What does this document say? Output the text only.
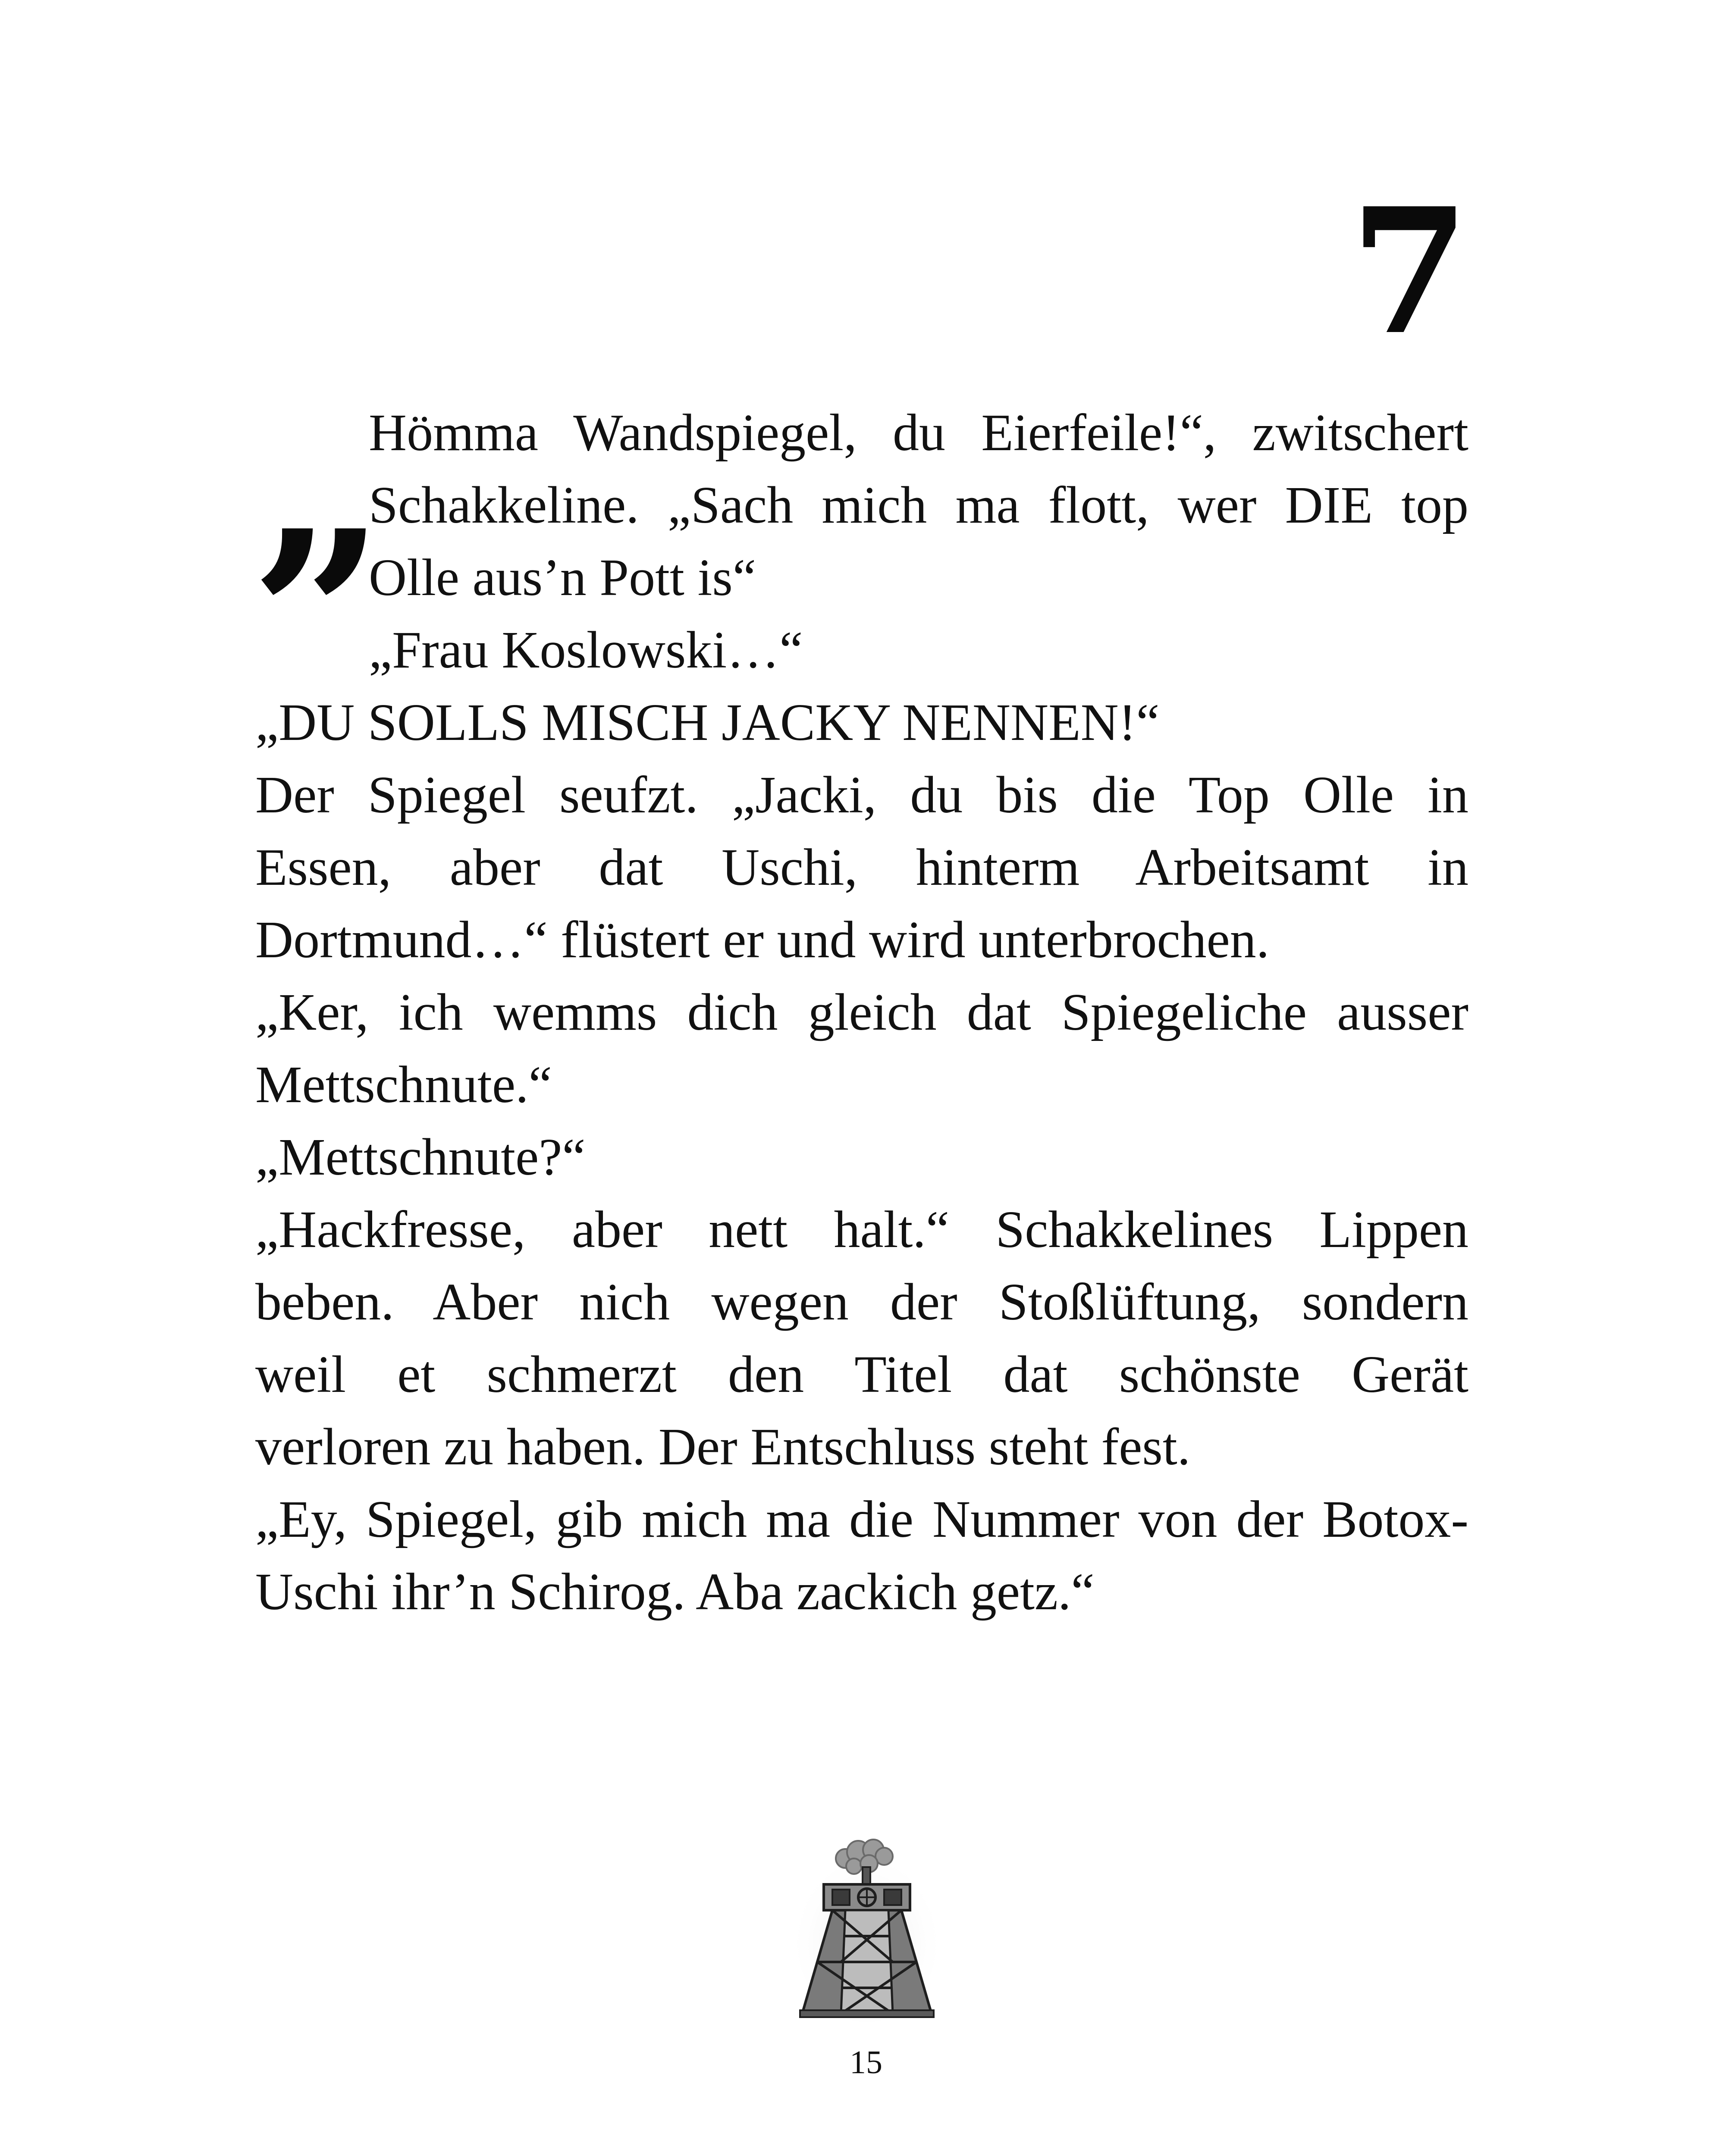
7
”
Hömma Wandspiegel, du Eierfeile!“, zwitschert
Schakkeline. „Sach mich ma flott, wer DIE top
Olle aus’n Pott is“
„Frau Koslowski…“
„DU SOLLS MISCH JACKY NENNEN!“
Der Spiegel seufzt. „Jacki, du bis die Top Olle in
Essen, aber dat Uschi, hinterm Arbeitsamt in
Dortmund…“ flüstert er und wird unterbrochen.
„Ker, ich wemms dich gleich dat Spiegeliche ausser
Mettschnute.“
„Mettschnute?“
„Hackfresse, aber nett halt.“ Schakkelines Lippen
beben. Aber nich wegen der Stoßlüftung, sondern
weil et schmerzt den Titel dat schönste Gerät
verloren zu haben. Der Entschluss steht fest.
„Ey, Spiegel, gib mich ma die Nummer von der Botox-
Uschi ihr’n Schirog. Aba zackich getz.“
15
